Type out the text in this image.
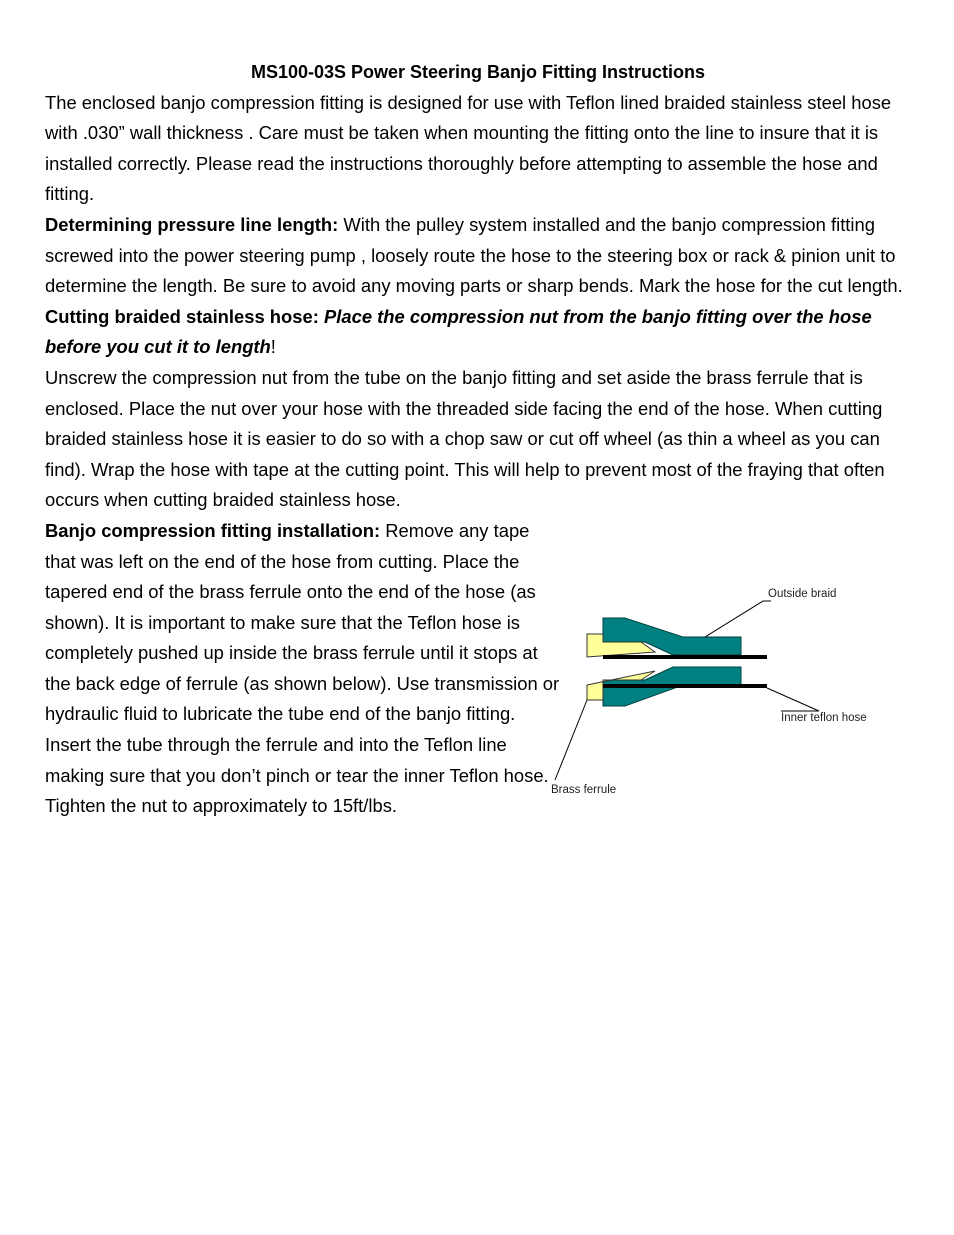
MS100-03S Power Steering Banjo Fitting Instructions

The enclosed banjo compression fitting is designed for use with Teflon lined braided stainless steel hose with .030” wall thickness . Care must be taken when mounting the fitting onto the line to insure that it is installed correctly. Please read the instructions thoroughly before attempting to assemble the hose and fitting.

Determining pressure line length: With the pulley system installed and the banjo compression fitting screwed into the power steering pump , loosely route the hose to the steering box or rack & pinion unit to determine the length. Be sure to avoid any moving parts or sharp bends. Mark the hose for the cut length.

Cutting braided stainless hose: Place the compression nut from the banjo fitting over the hose before you cut it to length!

Unscrew the compression nut from the tube on the banjo fitting and set aside the brass ferrule that is enclosed. Place the nut over your hose with the threaded side facing the end of the hose. When cutting braided stainless hose it is easier to do so with a chop saw or cut off wheel (as thin a wheel as you can find). Wrap the hose with tape at the cutting point. This will help to prevent most of the fraying that often occurs when cutting braided stainless hose.

Banjo compression fitting installation: Remove any tape that was left on the end of the hose from cutting. Place the tapered end of the brass ferrule onto the end of the hose (as shown). It is important to make sure that the Teflon hose is completely pushed up inside the brass ferrule until it stops at the back edge of ferrule (as shown below). Use transmission or hydraulic fluid to lubricate the tube end of the banjo fitting. Insert the tube through the ferrule and into the Teflon line making sure that you don’t pinch or tear the inner Teflon hose. Tighten the nut to approximately to 15ft/lbs.

Outside braid
Inner teflon hose
Brass ferrule
